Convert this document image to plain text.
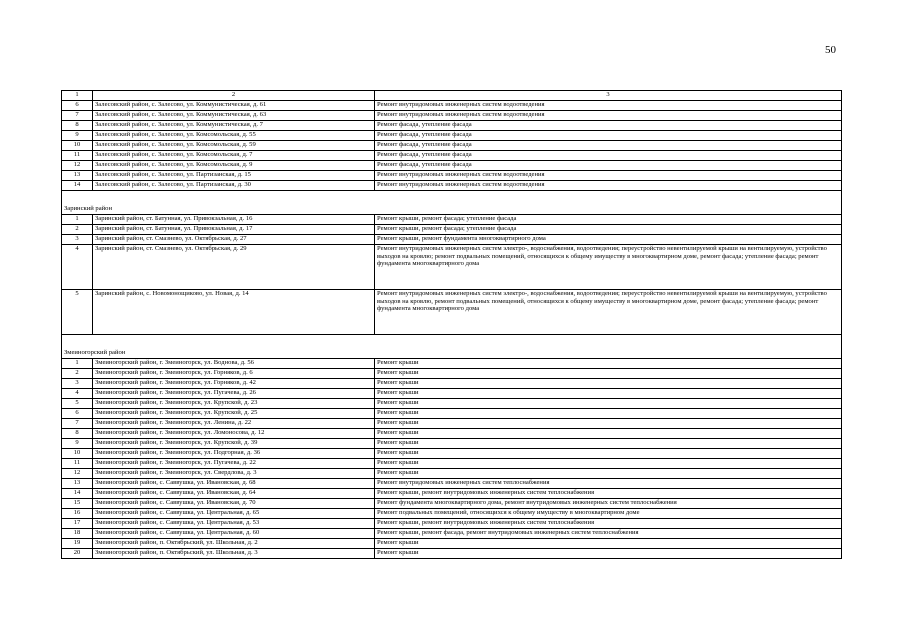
50
1	2	3
6	Залесовский район, с. Залесово, ул. Коммунистическая, д. 61	Ремонт внутридомовых инженерных систем водоотведения
7	Залесовский район, с. Залесово, ул. Коммунистическая, д. 63	Ремонт внутридомовых инженерных систем водоотведения
8	Залесовский район, с. Залесово, ул. Коммунистическая, д. 7	Ремонт фасада, утепление фасада
9	Залесовский район, с. Залесово, ул. Комсомольская, д. 55	Ремонт фасада, утепление фасада
10	Залесовский район, с. Залесово, ул. Комсомольская, д. 59	Ремонт фасада, утепление фасада
11	Залесовский район, с. Залесово, ул. Комсомольская, д. 7	Ремонт фасада, утепление фасада
12	Залесовский район, с. Залесово, ул. Комсомольская, д. 9	Ремонт фасада, утепление фасада
13	Залесовский район, с. Залесово, ул. Партизанская, д. 15	Ремонт внутридомовых инженерных систем водоотведения
14	Залесовский район, с. Залесово, ул. Партизанская, д. 30	Ремонт внутридомовых инженерных систем водоотведения
Заринский район		
1	Заринский район, ст. Батунная, ул. Привокзальная, д. 16	Ремонт крыши, ремонт фасада; утепление фасада
2	Заринский район, ст. Батунная, ул. Привокзальная, д. 17	Ремонт крыши, ремонт фасада; утепление фасада
3	Заринский район, ст. Смазнево, ул. Октябрьская, д. 27	Ремонт крыши, ремонт фундамента многоквартирного дома
4	Заринский район, ст. Смазнево, ул. Октябрьская, д. 29	Ремонт внутридомовых инженерных систем электро-, водоснабжения, водоотведения; переустройство невентилируемой крыши на вентилируемую, устройство выходов на кровлю; ремонт подвальных помещений, относящихся к общему имуществу в многоквартирном доме, ремонт фасада; утепление фасада; ремонт фундамента многоквартирного дома
5	Заринский район, с. Новомонощиково, ул. Новая, д. 14	Ремонт внутридомовых инженерных систем электро-, водоснабжения, водоотведения; переустройство невентилируемой крыши на вентилируемую, устройство выходов на кровлю, ремонт подвальных помещений, относящихся к общему имуществу в многоквартирном доме, ремонт фасада; утепление фасада; ремонт фундамента многоквартирного дома
Змеиногорский район		
1	Змеиногорский район, г. Змеиногорск, ул. Воднова, д. 56	Ремонт крыши
2	Змеиногорский район, г. Змеиногорск, ул. Горняков, д. 6	Ремонт крыши
3	Змеиногорский район, г. Змеиногорск, ул. Горняков, д. 42	Ремонт крыши
4	Змеиногорский район, г. Змеиногорск, ул. Пугачева, д. 26	Ремонт крыши
5	Змеиногорский район, г. Змеиногорск, ул. Крупской, д. 23	Ремонт крыши
6	Змеиногорский район, г. Змеиногорск, ул. Крупской, д. 25	Ремонт крыши
7	Змеиногорский район, г. Змеиногорск, ул. Ленина, д. 22	Ремонт крыши
8	Змеиногорский район, г. Змеиногорск, ул. Ломоносова, д. 12	Ремонт крыши
9	Змеиногорский район, г. Змеиногорск, ул. Крупской, д. 39	Ремонт крыши
10	Змеиногорский район, г. Змеиногорск, ул. Подгорная, д. 36	Ремонт крыши
11	Змеиногорский район, г. Змеиногорск, ул. Пугачева, д. 22	Ремонт крыши
12	Змеиногорский район, г. Змеиногорск, ул. Свердлова, д. 3	Ремонт крыши
13	Змеиногорский район, с. Саввушка, ул. Ивановская, д. 68	Ремонт внутридомовых инженерных систем теплоснабжения
14	Змеиногорский район, с. Саввушка, ул. Ивановская, д. 64	Ремонт крыши, ремонт внутридомовых инженерных систем теплоснабжения
15	Змеиногорский район, с. Саввушка, ул. Ивановская, д. 70	Ремонт фундамента многоквартирного дома, ремонт внутридомовых инженерных систем теплоснабжения
16	Змеиногорский район, с. Саввушка, ул. Центральная, д. 65	Ремонт подвальных помещений, относящихся к общему имуществу в многоквартирном доме
17	Змеиногорский район, с. Саввушка, ул. Центральная, д. 53	Ремонт крыши, ремонт внутридомовых инженерных систем теплоснабжения
18	Змеиногорский район, с. Саввушка, ул. Центральная, д. 60	Ремонт крыши, ремонт фасада, ремонт внутридомовых инженерных систем теплоснабжения
19	Змеиногорский район, п. Октябрьский, ул. Школьная, д. 2	Ремонт крыши
20	Змеиногорский район, п. Октябрьский, ул. Школьная, д. 3	Ремонт крыши
